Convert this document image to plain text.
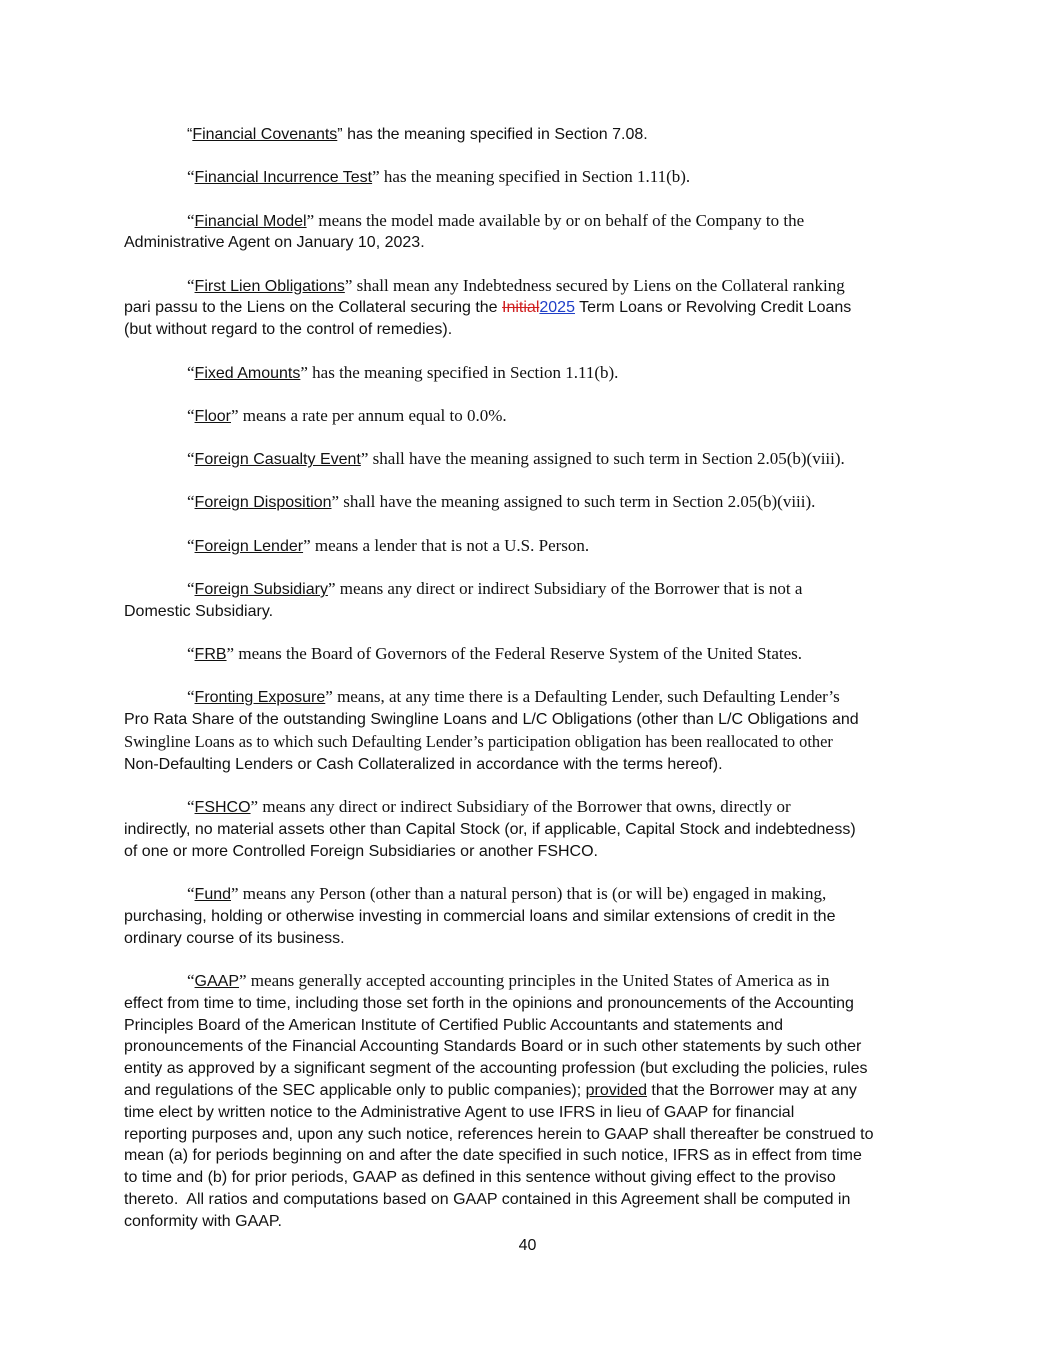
“Financial Covenants” has the meaning specified in Section 7.08.

“Financial Incurrence Test” has the meaning specified in Section 1.11(b).

“Financial Model” means the model made available by or on behalf of the Company to the
Administrative Agent on January 10, 2023.

“First Lien Obligations” shall mean any Indebtedness secured by Liens on the Collateral ranking
pari passu to the Liens on the Collateral securing the Initial2025 Term Loans or Revolving Credit Loans
(but without regard to the control of remedies).

“Fixed Amounts” has the meaning specified in Section 1.11(b).

“Floor” means a rate per annum equal to 0.0%.

“Foreign Casualty Event” shall have the meaning assigned to such term in Section 2.05(b)(viii).

“Foreign Disposition” shall have the meaning assigned to such term in Section 2.05(b)(viii).

“Foreign Lender” means a lender that is not a U.S. Person.

“Foreign Subsidiary” means any direct or indirect Subsidiary of the Borrower that is not a
Domestic Subsidiary.

“FRB” means the Board of Governors of the Federal Reserve System of the United States.

“Fronting Exposure” means, at any time there is a Defaulting Lender, such Defaulting Lender’s
Pro Rata Share of the outstanding Swingline Loans and L/C Obligations (other than L/C Obligations and
Swingline Loans as to which such Defaulting Lender’s participation obligation has been reallocated to other
Non-Defaulting Lenders or Cash Collateralized in accordance with the terms hereof).

“FSHCO” means any direct or indirect Subsidiary of the Borrower that owns, directly or
indirectly, no material assets other than Capital Stock (or, if applicable, Capital Stock and indebtedness)
of one or more Controlled Foreign Subsidiaries or another FSHCO.

“Fund” means any Person (other than a natural person) that is (or will be) engaged in making,
purchasing, holding or otherwise investing in commercial loans and similar extensions of credit in the
ordinary course of its business.

“GAAP” means generally accepted accounting principles in the United States of America as in
effect from time to time, including those set forth in the opinions and pronouncements of the Accounting
Principles Board of the American Institute of Certified Public Accountants and statements and
pronouncements of the Financial Accounting Standards Board or in such other statements by such other
entity as approved by a significant segment of the accounting profession (but excluding the policies, rules
and regulations of the SEC applicable only to public companies); provided that the Borrower may at any
time elect by written notice to the Administrative Agent to use IFRS in lieu of GAAP for financial
reporting purposes and, upon any such notice, references herein to GAAP shall thereafter be construed to
mean (a) for periods beginning on and after the date specified in such notice, IFRS as in effect from time
to time and (b) for prior periods, GAAP as defined in this sentence without giving effect to the proviso
thereto.  All ratios and computations based on GAAP contained in this Agreement shall be computed in
conformity with GAAP.

40
